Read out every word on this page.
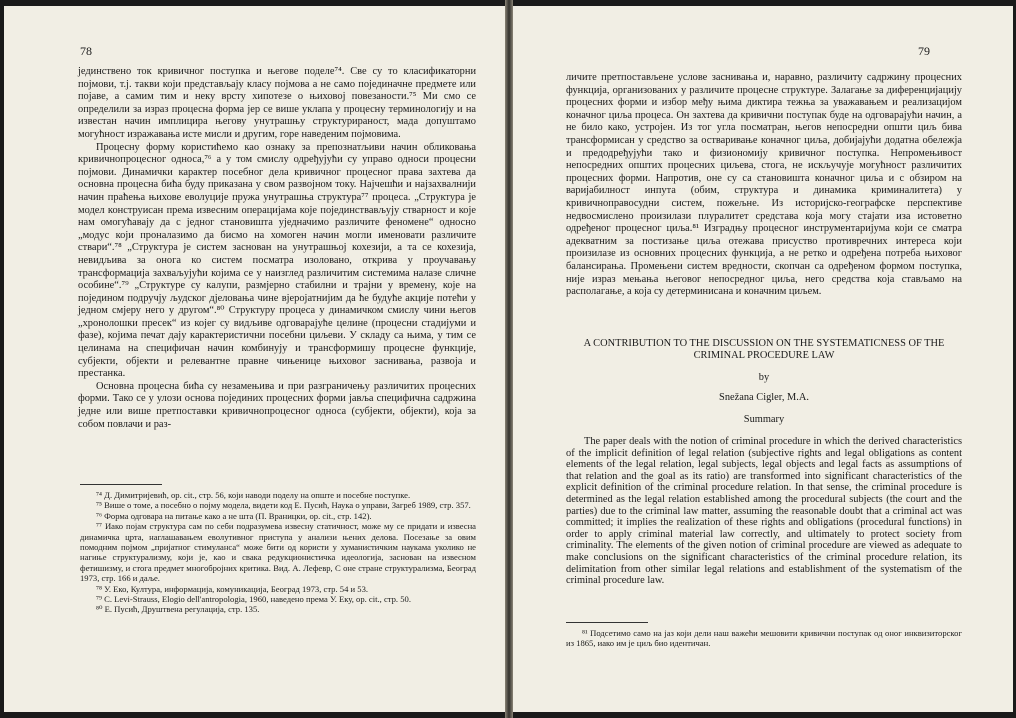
78

јединствено ток кривичног поступка и његове поделе⁷⁴. Све су то класификаторни појмови, т.ј. такви који представљају класу појмова а не само појединачне предмете или појаве, а самим тим и неку врсту хипотезе о њиховој повезаности.⁷⁵ Ми смо се определили за израз процесна форма јер се више уклапа у процесну терминологију и на известан начин имплицира његову унутрашњу структурираност, мада допуштамо могућност изражавања исте мисли и другим, горе наведеним појмовима.

Процесну форму користићемо као ознаку за препознатљиви начин обликовања кривичнопроцесног односа,⁷⁶ а у том смислу одређујући су управо односи процесни појмови. Динамички карактер посебног дела кривичног процесног права захтева да основна процесна бића буду приказана у свом развојном току. Најчешћи и најзахвалнији начин праћења њихове еволуције пружа унутрашња структура⁷⁷ процеса. „Структура је модел конструисан према извесним операцијама које појединствављују стварност и које нам омогућавају да с једног становишта уједначимо различите феномене“ односно „модус који проналазимо да бисмо на хомоген начин могли именовати различите ствари“.⁷⁸ „Структура је систем заснован на унутрашњој кохезији, а та се кохезија, невидљива за онога ко систем посматра изоловано, открива у проучавању трансформација захваљујући којима се у наизглед различитим системима налазе сличне особине“.⁷⁹ „Структуре су калупи, размјерно стабилни и трајни у времену, које на поједином подручју људског дјеловања чине вјеројатнијим да ће будуће акције потећи у једном смјеру него у другом“.⁸⁰ Структуру процеса у динамичком смислу чини његов „хронолошки пресек“ из којег су видљиве одговарајуће целине (процесни стадијуми и фазе), којима печат дају карактеристични посебни циљеви. У складу са њима, у тим се целинама на специфичан начин комбинују и трансформишу процесне функције, субјекти, објекти и релевантне правне чињенице њиховог заснивања, развоја и престанка.

Основна процесна бића су незамењива и при разграничењу различитих процесних форми. Тако се у улози основа појединих процесних форми јавља специфична садржина једне или више претпоставки кривичнопроцесног односа (субјекти, објекти), која за собом повлачи и раз-

⁷⁴ Д. Димитријевић, op. cit., стр. 56, који наводи поделу на опште и посебне поступке.

⁷⁵ Више о томе, а посебно о појму модела, видети код Е. Пусић, Наука о управи, Загреб 1989, стр. 357.

⁷⁶ Форма одговара на питање како а не шта (П. Враницки, op. cit., стр. 142).

⁷⁷ Иако појам структура сам по себи подразумева извесну статичност, може му се придати и извесна динамичка црта, наглашавањем еволутивног приступа у анализи њених делова. Посезање за овим помодним појмом „пријатног стимуланса“ може бити од користи у хуманистичким наукама уколико не нагиње структурализму, који је, као и свака редукционистичка идеологија, заснован на извесном фетишизму, и стога предмет многобројних критика. Вид. А. Лефевр, С оне стране структурализма, Београд 1973, стр. 166 и даље.

⁷⁸ У. Еко, Култура, информација, комуникација, Београд 1973, стр. 54 и 53.

⁷⁹ C. Levi-Strauss, Elogio dell'antropologia, 1960, наведено према У. Еку, op. cit., стр. 50.

⁸⁰ Е. Пусић, Друштвена регулација, стр. 135.

79

личите претпостављене услове заснивања и, наравно, различиту садржину процесних функција, организованих у различите процесне структуре. Залагање за диференцијацију процесних форми и избор међу њима диктира тежња за уважавањем и реализацијом коначног циља процеса. Он захтева да кривични поступак буде на одговарајући начин, а не било како, устројен. Из тог угла посматран, његов непосредни општи циљ бива трансформисан у средство за остваривање коначног циља, добијајући додатна обележја и предодређујући тако и физиономију кривичног поступка. Непромењивост непосредних општих процесних циљева, стога, не искључује могућност различитих процесних форми. Напротив, оне су са становишта коначног циља и с обзиром на варијабилност инпута (обим, структура и динамика криминалитета) у кривичноправосудни систем, пожељне. Из историјско-географске перспективе недвосмислено произилази плуралитет средстава која могу стајати иза истоветно одређеног процесног циља.⁸¹ Изградњу процесног инструментаријума који се сматра адекватним за постизање циља отежава присуство противречних интереса који произилазе из основних процесних функција, а не ретко и одређена потреба њиховог балансирања. Промењени систем вредности, скопчан са одређеном формом поступка, није израз мењања његовог непосредног циља, него средства која стављамо на располагање, а која су детерминисана и коначним циљем.

A CONTRIBUTION TO THE DISCUSSION ON THE SYSTEMATICNESS OF THE CRIMINAL PROCEDURE LAW
by
Snežana Cigler, M.A.
Summary

The paper deals with the notion of criminal procedure in which the derived characteristics of the implicit definition of legal relation (subjective rights and legal obligations as content elements of the legal relation, legal subjects, legal objects and legal facts as assumptions of that relation and the goal as its ratio) are transformed into significant characteristics of the explicit definition of the criminal procedure relation. In that sense, the criminal procedure is determined as the legal relation established among the procedural subjects (the court and the parties) due to the criminal law matter, assuming the reasonable doubt that a criminal act was committed; it implies the realization of these rights and obligations (procedural functions) in order to apply criminal material law correctly, and ultimately to protect society from criminality. The elements of the given notion of criminal procedure are viewed as adequate to make conclusions on the significant characteristics of the criminal procedure relation, its delimitation from other similar legal relations and establishment of the systematism of the criminal procedure law.

⁸¹ Подсетимо само на јаз који дели наш важећи мешовити кривични поступак од оног инквизиторског из 1865, иако им је циљ био идентичан.
